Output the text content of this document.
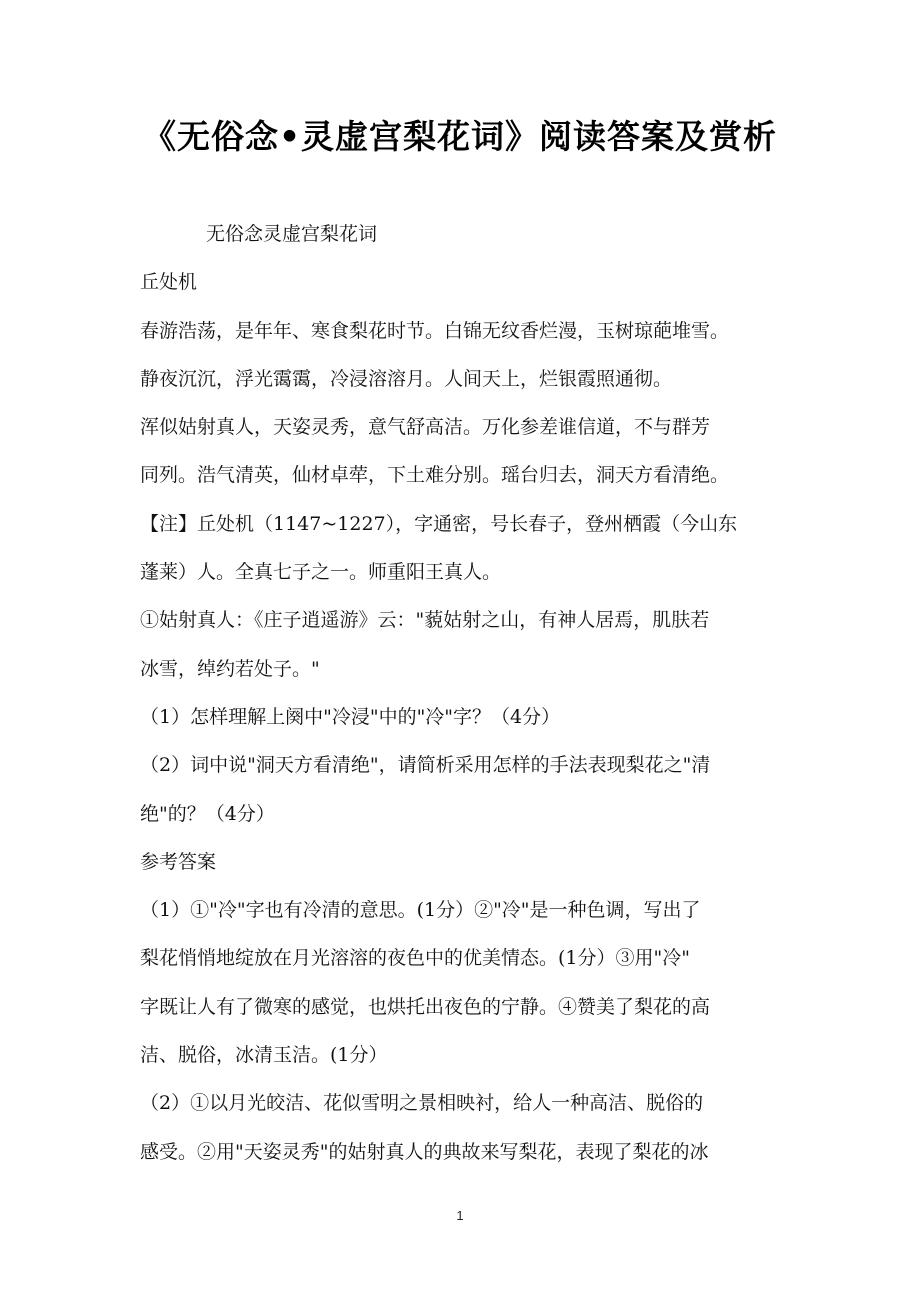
《无俗念•灵虚宫梨花词》阅读答案及赏析
无俗念灵虚宫梨花词
丘处机
春游浩荡，是年年、寒食梨花时节。白锦无纹香烂漫，玉树琼葩堆雪。
静夜沉沉，浮光霭霭，冷浸溶溶月。人间天上，烂银霞照通彻。
浑似姑射真人，天姿灵秀，意气舒高洁。万化参差谁信道，不与群芳
同列。浩气清英，仙材卓荦，下土难分别。瑶台归去，洞天方看清绝。
【注】丘处机（1147~1227），字通密，号长春子，登州栖霞（今山东
蓬莱）人。全真七子之一。师重阳王真人。
①姑射真人：《庄子逍遥游》云："藐姑射之山，有神人居焉，肌肤若
冰雪，绰约若处子。"
（1）怎样理解上阕中"冷浸"中的"冷"字？（4分）
（2）词中说"洞天方看清绝"，请简析采用怎样的手法表现梨花之"清
绝"的？（4分）
参考答案
（1）①"冷"字也有冷清的意思。(1分）②"冷"是一种色调，写出了
梨花悄悄地绽放在月光溶溶的夜色中的优美情态。(1分）③用"冷"
字既让人有了微寒的感觉，也烘托出夜色的宁静。④赞美了梨花的高
洁、脱俗，冰清玉洁。(1分）
（2）①以月光皎洁、花似雪明之景相映衬，给人一种高洁、脱俗的
感受。②用"天姿灵秀"的姑射真人的典故来写梨花，表现了梨花的冰
1
